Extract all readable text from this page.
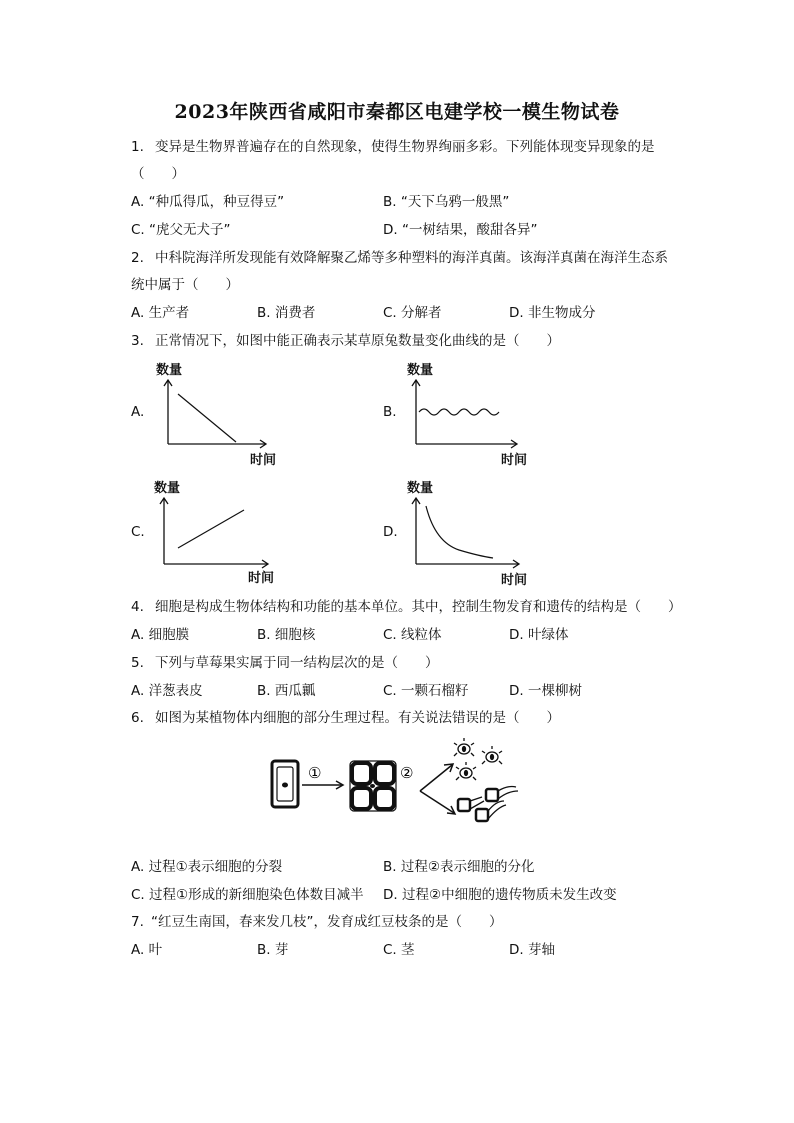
2023年陕西省咸阳市秦都区电建学校一模生物试卷
1. 变异是生物界普遍存在的自然现象，使得生物界绚丽多彩。下列能体现变异现象的是
（　　）
A. “种瓜得瓜，种豆得豆”	B. “天下乌鸦一般黑”
C. “虎父无犬子”	D. “一树结果，酸甜各异”
2. 中科院海洋所发现能有效降解聚乙烯等多种塑料的海洋真菌。该海洋真菌在海洋生态系
统中属于（　　）
A. 生产者	B. 消费者	C. 分解者	D. 非生物成分
3. 正常情况下，如图中能正确表示某草原兔数量变化曲线的是（　　）
A.	B.
C.	D.
数量
时间
数量
时间
数量
时间
数量
时间
4. 细胞是构成生物体结构和功能的基本单位。其中，控制生物发育和遗传的结构是（　　）
A. 细胞膜	B. 细胞核	C. 线粒体	D. 叶绿体
5. 下列与草莓果实属于同一结构层次的是（　　）
A. 洋葱表皮	B. 西瓜瓤	C. 一颗石榴籽	D. 一棵柳树
6. 如图为某植物体内细胞的部分生理过程。有关说法错误的是（　　）
①	②
A. 过程①表示细胞的分裂	B. 过程②表示细胞的分化
C. 过程①形成的新细胞染色体数目减半 D. 过程②中细胞的遗传物质未发生改变
7. “红豆生南国，春来发几枝”，发育成红豆枝条的是（　　）
A. 叶	B. 芽	C. 茎	D. 芽轴
